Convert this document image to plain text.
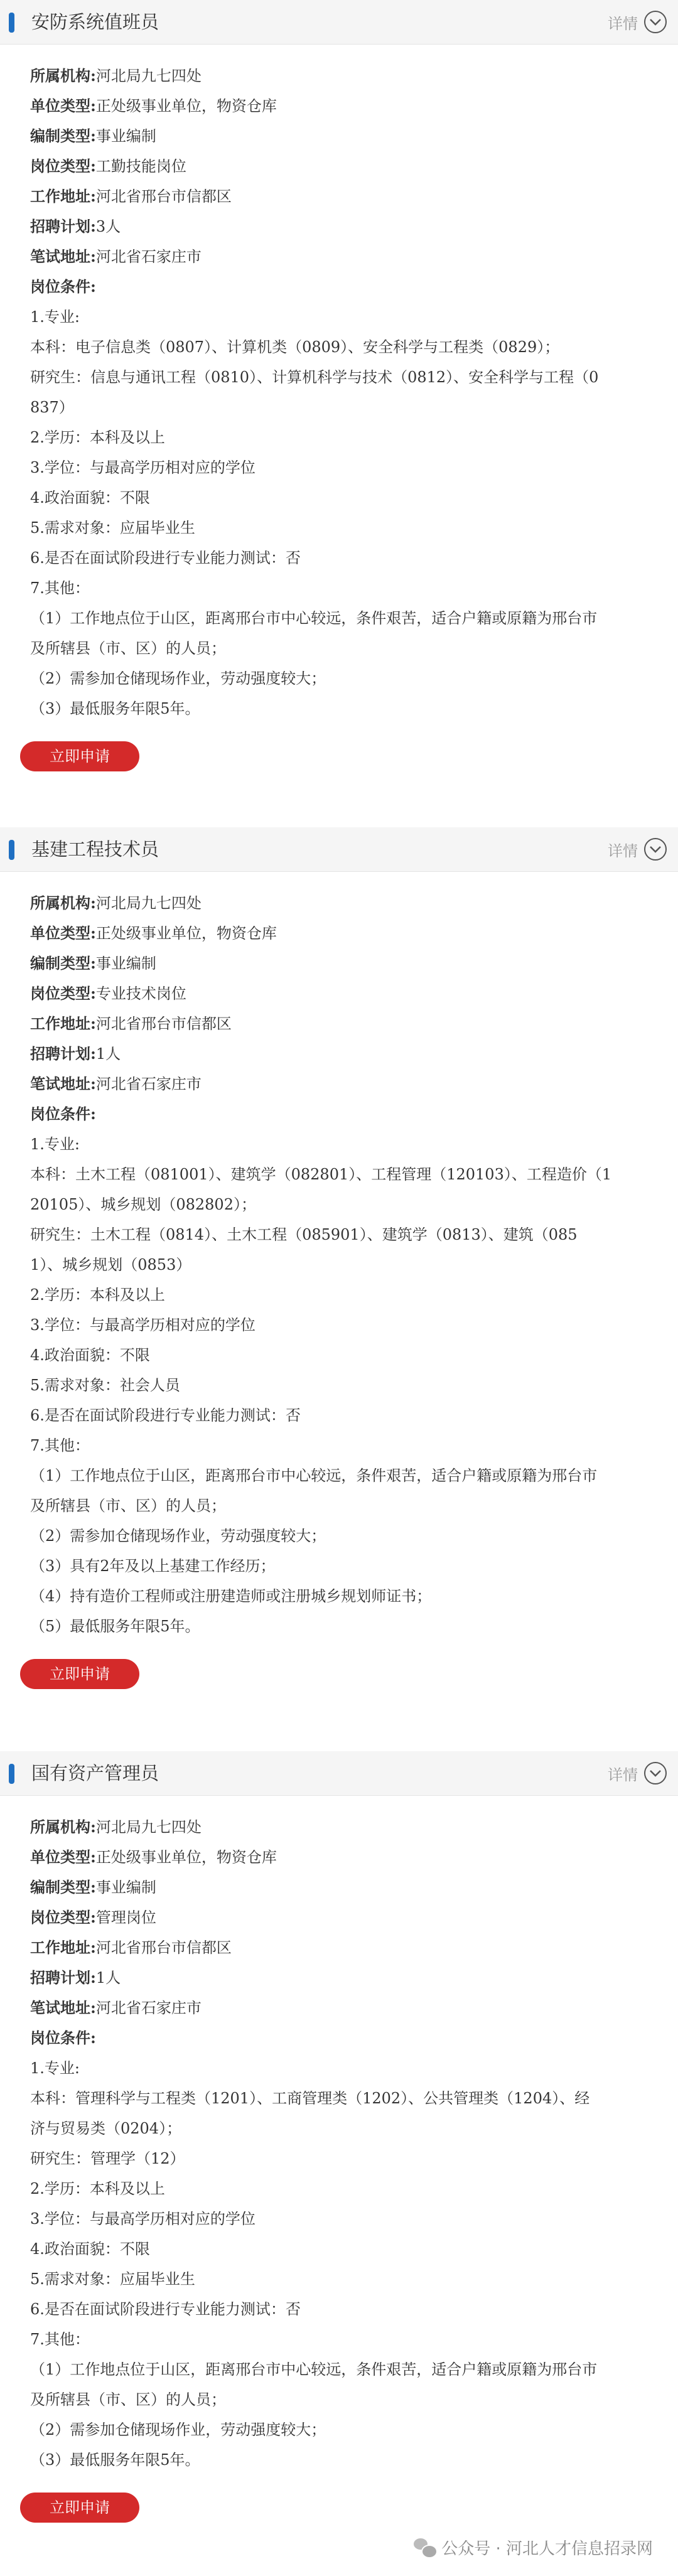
安防系统值班员	详情
所属机构:河北局九七四处
单位类型:正处级事业单位，物资仓库
编制类型:事业编制
岗位类型:工勤技能岗位
工作地址:河北省邢台市信都区
招聘计划:3人
笔试地址:河北省石家庄市
岗位条件:
1.专业:
本科：电子信息类（0807）、计算机类（0809）、安全科学与工程类（0829）；
研究生：信息与通讯工程（0810）、计算机科学与技术（0812）、安全科学与工程（0
837）
2.学历：本科及以上
3.学位：与最高学历相对应的学位
4.政治面貌：不限
5.需求对象：应届毕业生
6.是否在面试阶段进行专业能力测试：否
7.其他：
（1）工作地点位于山区，距离邢台市中心较远，条件艰苦，适合户籍或原籍为邢台市
及所辖县（市、区）的人员；
（2）需参加仓储现场作业，劳动强度较大；
（3）最低服务年限5年。
立即申请
基建工程技术员	详情
所属机构:河北局九七四处
单位类型:正处级事业单位，物资仓库
编制类型:事业编制
岗位类型:专业技术岗位
工作地址:河北省邢台市信都区
招聘计划:1人
笔试地址:河北省石家庄市
岗位条件:
1.专业:
本科：土木工程（081001）、建筑学（082801）、工程管理（120103）、工程造价（1
20105）、城乡规划（082802）；
研究生：土木工程（0814）、土木工程（085901）、建筑学（0813）、建筑（085
1）、城乡规划（0853）
2.学历：本科及以上
3.学位：与最高学历相对应的学位
4.政治面貌：不限
5.需求对象：社会人员
6.是否在面试阶段进行专业能力测试：否
7.其他：
（1）工作地点位于山区，距离邢台市中心较远，条件艰苦，适合户籍或原籍为邢台市
及所辖县（市、区）的人员；
（2）需参加仓储现场作业，劳动强度较大；
（3）具有2年及以上基建工作经历；
（4）持有造价工程师或注册建造师或注册城乡规划师证书；
（5）最低服务年限5年。
立即申请
国有资产管理员	详情
所属机构:河北局九七四处
单位类型:正处级事业单位，物资仓库
编制类型:事业编制
岗位类型:管理岗位
工作地址:河北省邢台市信都区
招聘计划:1人
笔试地址:河北省石家庄市
岗位条件:
1.专业:
本科：管理科学与工程类（1201）、工商管理类（1202）、公共管理类（1204）、经
济与贸易类（0204）；
研究生：管理学（12）
2.学历：本科及以上
3.学位：与最高学历相对应的学位
4.政治面貌：不限
5.需求对象：应届毕业生
6.是否在面试阶段进行专业能力测试：否
7.其他：
（1）工作地点位于山区，距离邢台市中心较远，条件艰苦，适合户籍或原籍为邢台市
及所辖县（市、区）的人员；
（2）需参加仓储现场作业，劳动强度较大；
（3）最低服务年限5年。
立即申请
公众号 · 河北人才信息招录网
